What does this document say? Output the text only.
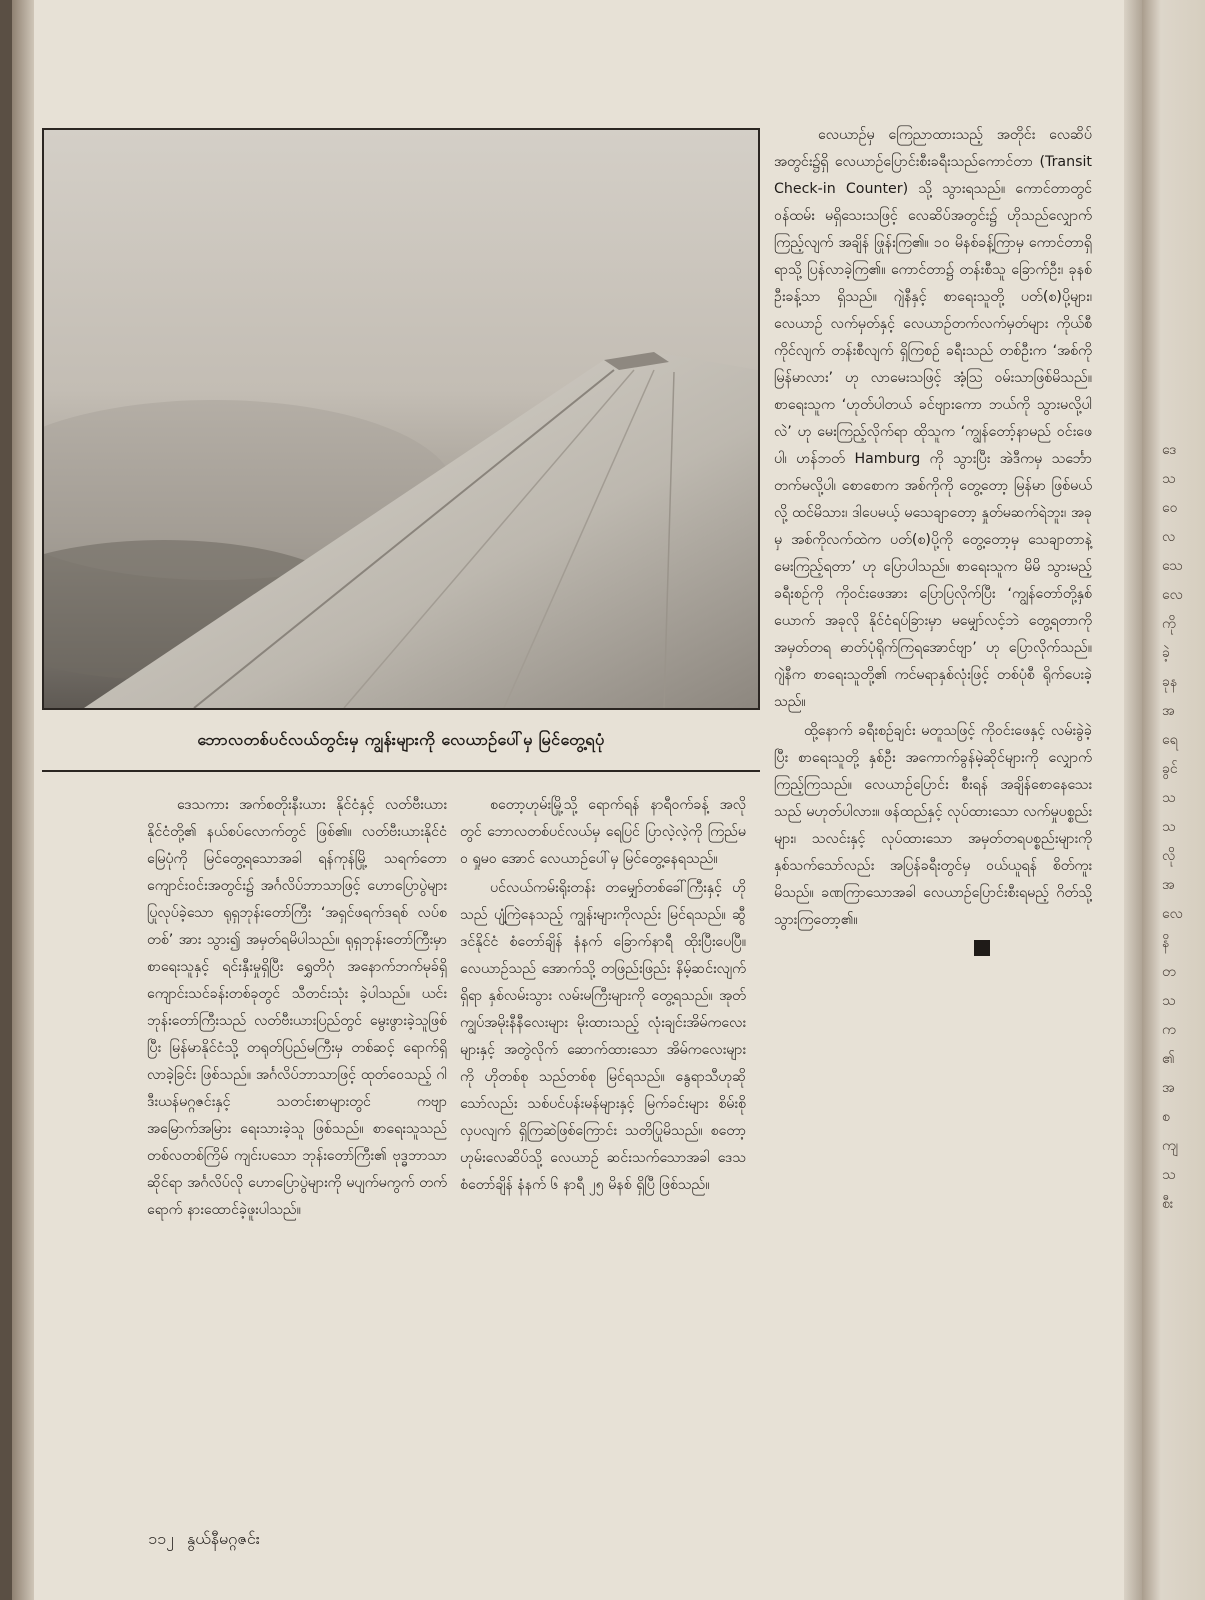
ဘောလတစ်ပင်လယ်တွင်းမှ ကျွန်းများကို လေယာဉ်ပေါ်မှ မြင်တွေ့ရပုံ

လေယာဉ်မှ ကြေညာထားသည့် အတိုင်း လေဆိပ်အတွင်း၌ရှိ လေယာဉ်ပြောင်းစီးခရီးသည်ကောင်တာ (Transit Check-in Counter) သို့ သွားရသည်။ ကောင်တာတွင် ဝန်ထမ်း မရှိသေးသဖြင့် လေဆိပ်အတွင်း၌ ဟိုသည်လျှောက်ကြည့်လျက် အချိန် ဖြုန်းကြ၏။ ၁၀ မိနစ်ခန့်ကြာမှ ကောင်တာရှိရာသို့ ပြန်လာခဲ့ကြ၏။ ကောင်တာ၌ တန်းစီသူ ခြောက်ဦး၊ ခုနစ်ဦးခန့်သာ ရှိသည်။ ဂျဲနီနှင့် စာရေးသူတို့ ပတ်(စ)ပို့များ၊ လေယာဉ် လက်မှတ်နှင့် လေယာဉ်တက်လက်မှတ်များ ကိုယ်စီကိုင်လျက် တန်းစီလျက် ရှိကြစဉ် ခရီးသည် တစ်ဦးက ‘အစ်ကို မြန်မာလား’ ဟု လာမေးသဖြင့် အံ့ဩ ဝမ်းသာဖြစ်မိသည်။ စာရေးသူက ‘ဟုတ်ပါတယ် ခင်ဗျားကော ဘယ်ကို သွားမလို့ပါလဲ’ ဟု မေးကြည့်လိုက်ရာ ထိုသူက ‘ကျွန်တော့်နာမည် ဝင်းဖေပါ၊ ဟန်ဘတ် Hamburg ကို သွားပြီး အဲဒီကမှ သင်္ဘောတက်မလို့ပါ၊ စောစောက အစ်ကိုကို တွေ့တော့ မြန်မာ ဖြစ်မယ်လို့ ထင်မိသား၊ ဒါပေမယ့် မသေချာတော့ နှုတ်မဆက်ရဲဘူး၊ အခုမှ အစ်ကိုလက်ထဲက ပတ်(စ)ပို့ကို တွေ့တော့မှ သေချာတာနဲ့ မေးကြည့်ရတာ’ ဟု ပြောပါသည်။ စာရေးသူက မိမိ သွားမည့် ခရီးစဉ်ကို ကိုဝင်းဖေအား ပြောပြလိုက်ပြီး ‘ကျွန်တော်တို့နှစ်ယောက် အခုလို နိုင်ငံရပ်ခြားမှာ မမျှော်လင့်ဘဲ တွေ့ရတာကို အမှတ်တရ ဓာတ်ပုံရိုက်ကြရအောင်ဗျာ’ ဟု ပြောလိုက်သည်။ ဂျဲနီက စာရေးသူတို့၏ ကင်မရာနှစ်လုံးဖြင့် တစ်ပုံစီ ရိုက်ပေးခဲ့သည်။

ထို့နောက် ခရီးစဉ်ချင်း မတူသဖြင့် ကိုဝင်းဖေနှင့် လမ်းခွဲခဲ့ပြီး စာရေးသူတို့ နှစ်ဦး အကောက်ခွန်မဲ့ဆိုင်များကို လျှောက်ကြည့်ကြသည်။ လေယာဉ်ပြောင်း စီးရန် အချိန်စောနေသေးသည် မဟုတ်ပါလား။ ဖန်ထည်နှင့် လုပ်ထားသော လက်မှုပစ္စည်းများ၊ သလင်းနှင့် လုပ်ထားသော အမှတ်တရပစ္စည်းများကို နှစ်သက်သော်လည်း အပြန်ခရီးတွင်မှ ဝယ်ယူရန် စိတ်ကူးမိသည်။ ခဏကြာသောအခါ လေယာဉ်ပြောင်းစီးရမည့် ဂိတ်သို့ သွားကြတော့၏။

ဒေသကား အက်စတိုးနီးယား နိုင်ငံနှင့် လတ်ဗီးယားနိုင်ငံတို့၏ နယ်စပ်လောက်တွင် ဖြစ်၏။ လတ်ဗီးယားနိုင်ငံ မြေပုံကို မြင်တွေ့ရသောအခါ ရန်ကုန်မြို့ သရက်တော ကျောင်းဝင်းအတွင်း၌ အင်္ဂလိပ်ဘာသာဖြင့် ဟောပြောပွဲများ ပြုလုပ်ခဲ့သော ရုရှဘုန်းတော်ကြီး ‘အရှင်ဖရက်ဒရစ် လပ်စတစ်’ အား သွား၍ အမှတ်ရမိပါသည်။ ရုရှဘုန်းတော်ကြီးမှာ စာရေးသူနှင့် ရင်းနှီးမှုရှိပြီး ရွှေတိဂုံ အနောက်ဘက်မုခ်ရှိ ကျောင်းသင်ခန်းတစ်ခုတွင် သီတင်းသုံး ခဲ့ပါသည်။ ယင်း ဘုန်းတော်ကြီးသည် လတ်ဗီးယားပြည်တွင် မွေးဖွားခဲ့သူဖြစ်ပြီး မြန်မာနိုင်ငံသို့ တရုတ်ပြည်မကြီးမှ တစ်ဆင့် ရောက်ရှိလာခဲ့ခြင်း ဖြစ်သည်။ အင်္ဂလိပ်ဘာသာဖြင့် ထုတ်ဝေသည့် ဂါဒီးယန်မဂ္ဂဇင်းနှင့် သတင်းစာများတွင် ကဗျာ အမြောက်အမြား ရေးသားခဲ့သူ ဖြစ်သည်။ စာရေးသူသည် တစ်လတစ်ကြိမ် ကျင်းပသော ဘုန်းတော်ကြီး၏ ဗုဒ္ဓဘာသာဆိုင်ရာ အင်္ဂလိပ်လို ဟောပြောပွဲများကို မပျက်မကွက် တက်ရောက် နားထောင်ခဲ့ဖူးပါသည်။

စတော့ဟုမ်းမြို့သို့ ရောက်ရန် နာရီဝက်ခန့် အလိုတွင် ဘောလတစ်ပင်လယ်မှ ရေပြင် ပြာလဲ့လဲ့ကို ကြည်မဝ ရှုမဝ အောင် လေယာဉ်ပေါ်မှ မြင်တွေ့နေရသည်။

ပင်လယ်ကမ်းရိုးတန်း တမျှော်တစ်ခေါ်ကြီးနှင့် ဟိုသည် ပျံ့ကြဲနေသည့် ကျွန်းများကိုလည်း မြင်ရသည်။ ဆွီဒင်နိုင်ငံ စံတော်ချိန် နံနက် ခြောက်နာရီ ထိုးပြီးပေပြီ။ လေယာဉ်သည် အောက်သို့ တဖြည်းဖြည်း နိမ့်ဆင်းလျက် ရှိရာ နှစ်လမ်းသွား လမ်းမကြီးများကို တွေ့ရသည်။ အုတ်ကျွပ်အမိုးနီနီလေးများ မိုးထားသည့် လုံးချင်းအိမ်ကလေးများနှင့် အတွဲလိုက် ဆောက်ထားသော အိမ်ကလေးများကို ဟိုတစ်စု သည်တစ်စု မြင်ရသည်။ နွေရာသီဟုဆိုသော်လည်း သစ်ပင်ပန်းမန်များနှင့် မြက်ခင်းများ စိမ်းစိုလှပလျက် ရှိကြဆဲဖြစ်ကြောင်း သတိပြုမိသည်။ စတော့ဟုမ်းလေဆိပ်သို့ လေယာဉ် ဆင်းသက်သောအခါ ဒေသ စံတော်ချိန် နံနက် ၆ နာရီ ၂၅ မိနစ် ရှိပြီ ဖြစ်သည်။

၁၁၂ နွယ်နီမဂ္ဂဇင်း
ဒေ
သ
ဝေ
လ
သေ
လေ
ကို
ခဲ့
ခုန
အ
ရေ
ခွင်
သ
သ
လို
အ
လေ
နိ
တ
သ
က
၏
အ
စ
ကျ
သ
စီး
